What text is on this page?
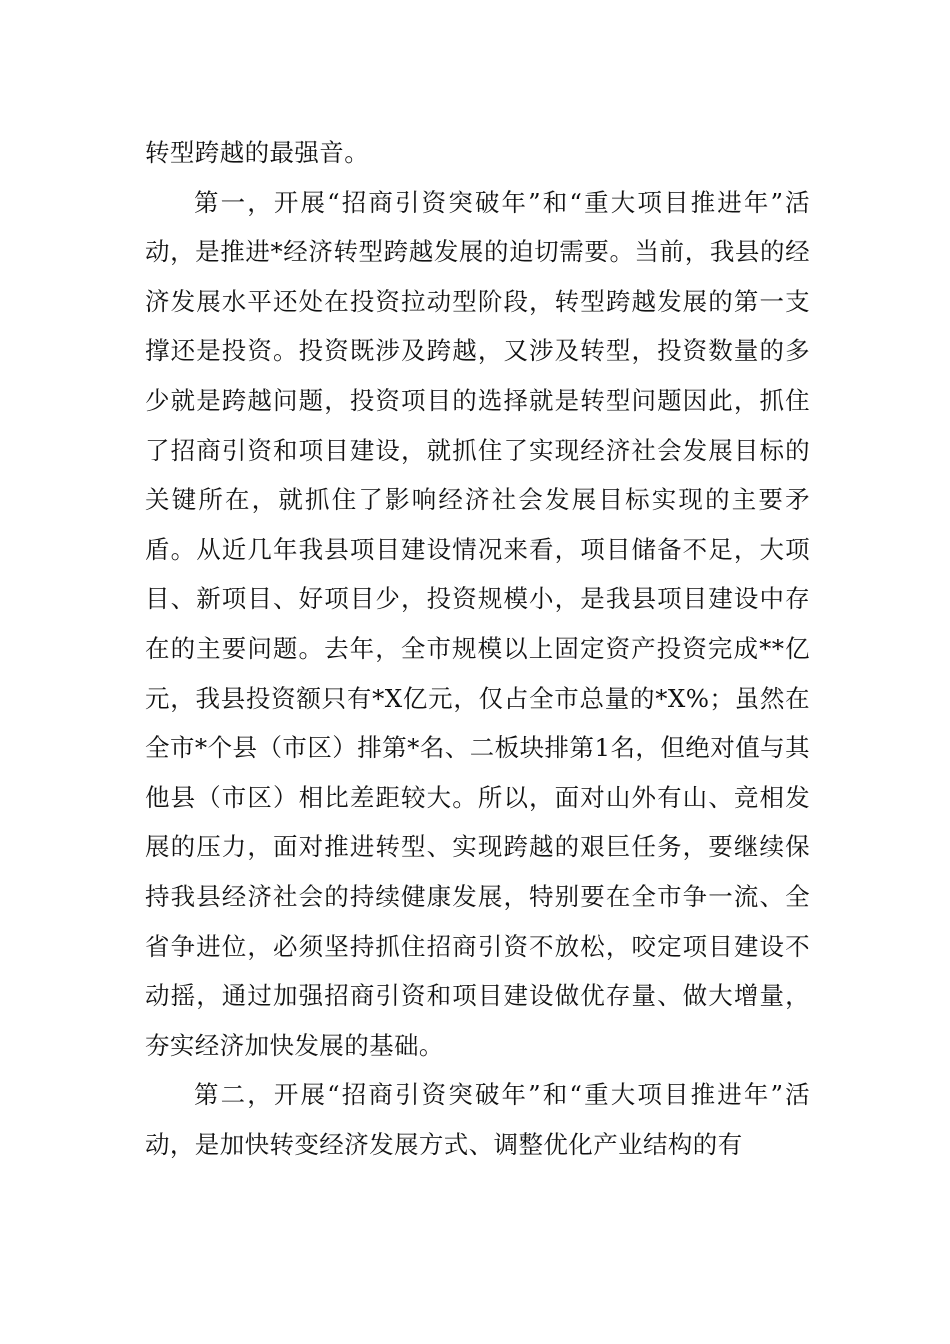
转型跨越的最强音。

第一，开展“招商引资突破年”和“重大项目推进年”活动，是推进*经济转型跨越发展的迫切需要。当前，我县的经济发展水平还处在投资拉动型阶段，转型跨越发展的第一支撑还是投资。投资既涉及跨越，又涉及转型，投资数量的多少就是跨越问题，投资项目的选择就是转型问题因此，抓住了招商引资和项目建设，就抓住了实现经济社会发展目标的关键所在，就抓住了影响经济社会发展目标实现的主要矛盾。从近几年我县项目建设情况来看，项目储备不足，大项目、新项目、好项目少，投资规模小，是我县项目建设中存在的主要问题。去年，全市规模以上固定资产投资完成**亿元，我县投资额只有*X亿元，仅占全市总量的*X%；虽然在全市*个县（市区）排第*名、二板块排第1名，但绝对值与其他县（市区）相比差距较大。所以，面对山外有山、竞相发展的压力，面对推进转型、实现跨越的艰巨任务，要继续保持我县经济社会的持续健康发展，特别要在全市争一流、全省争进位，必须坚持抓住招商引资不放松，咬定项目建设不动摇，通过加强招商引资和项目建设做优存量、做大增量，夯实经济加快发展的基础。

第二，开展“招商引资突破年”和“重大项目推进年”活动，是加快转变经济发展方式、调整优化产业结构的有
